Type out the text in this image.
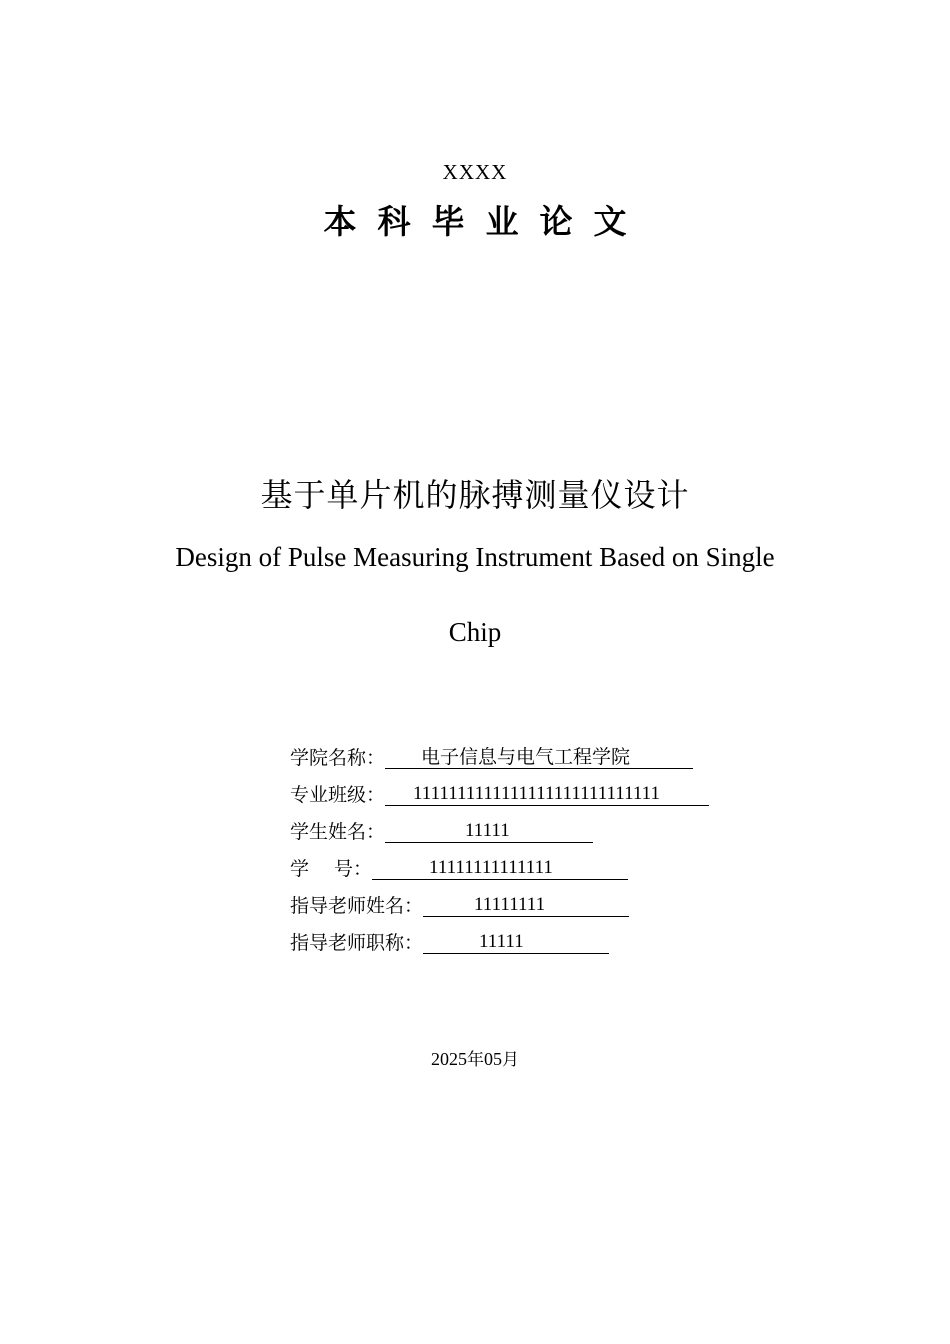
XXXX
本科毕业论文
基于单片机的脉搏测量仪设计
Design of Pulse Measuring Instrument Based on Single
Chip
学院名称： 电子信息与电气工程学院
专业班级： 1111111111111111111111111111
学生姓名：	11111
学　 号：	11111111111111
指导老师姓名：	11111111
指导老师职称：	11111
2025年05月
